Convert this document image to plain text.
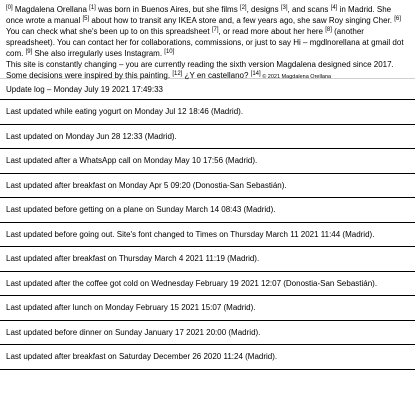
[0] Magdalena Orellana [1] was born in Buenos Aires, but she films [2], designs [3], and scans [4] in Madrid. She once wrote a manual [5] about how to transit any IKEA store and, a few years ago, she saw Roy singing Cher. [6] You can check what she's been up to on this spreadsheet [7], or read more about her here [8] (another spreadsheet). You can contact her for collaborations, commissions, or just to say Hi – mgdlnorellana at gmail dot com. [9] She also irregularly uses Instagram. [10]
This site is constantly changing – you are currently reading the sixth version Magdalena designed since 2017. Some decisions were inspired by this painting. [12] ¿Y en castellano? [14] © 2021 Magdalena Orellana
Update log – Monday July 19 2021 17:49:33
Last updated while eating yogurt on Monday Jul 12 18:46 (Madrid).
Last updated on Monday Jun 28 12:33 (Madrid).
Last updated after a WhatsApp call on Monday May 10 17:56 (Madrid).
Last updated after breakfast on Monday Apr 5 09:20 (Donostia-San Sebastián).
Last updated before getting on a plane on Sunday March 14 08:43 (Madrid).
Last updated before going out. Site's font changed to Times on Thursday March 11 2021 11:44 (Madrid).
Last updated after breakfast on Thursday March 4 2021 11:19 (Madrid).
Last updated after the coffee got cold on Wednesday February 19 2021 12:07 (Donostia-San Sebastián).
Last updated after lunch on Monday February 15 2021 15:07 (Madrid).
Last updated before dinner on Sunday January 17 2021 20:00 (Madrid).
Last updated after breakfast on Saturday December 26 2020 11:24 (Madrid).
